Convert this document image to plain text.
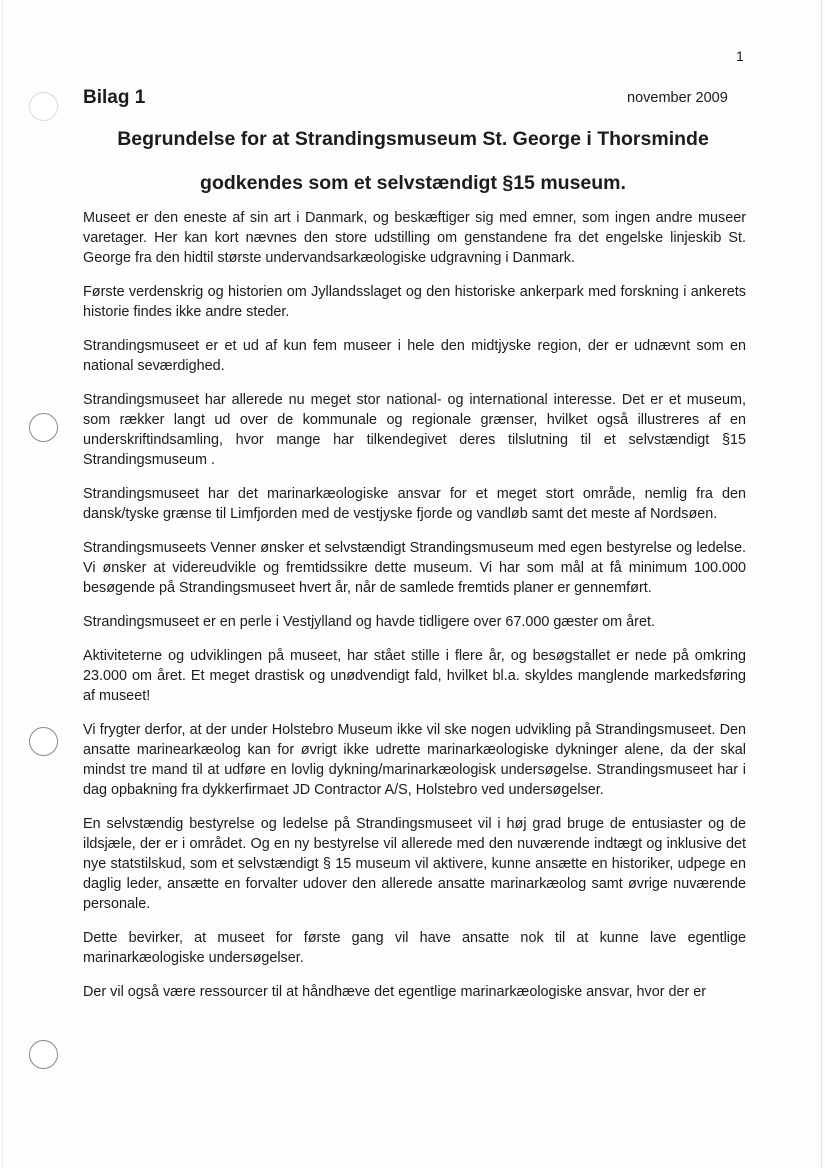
1
Bilag 1	november 2009
Begrundelse for at Strandingsmuseum St. George i Thorsminde
godkendes som et selvstændigt §15 museum.

Museet er den eneste af sin art i Danmark, og beskæftiger sig med emner, som ingen andre museer varetager. Her kan kort nævnes den store udstilling om genstandene fra det engelske linjeskib St. George fra den hidtil største undervandsarkæologiske udgravning i Danmark.

Første verdenskrig og historien om Jyllandsslaget og den historiske ankerpark med forskning i ankerets historie findes ikke andre steder.

Strandingsmuseet er et ud af kun fem museer i hele den midtjyske region, der er udnævnt som en national seværdighed.

Strandingsmuseet har allerede nu meget stor national- og international interesse. Det er et museum, som rækker langt ud over de kommunale og regionale grænser, hvilket også illustreres af en underskriftindsamling, hvor mange har tilkendegivet deres tilslutning til et selvstændigt §15 Strandingsmuseum .

Strandingsmuseet har det marinarkæologiske ansvar for et meget stort område, nemlig fra den dansk/tyske grænse til Limfjorden med de vestjyske fjorde og vandløb samt det meste af Nordsøen.

Strandingsmuseets Venner ønsker et selvstændigt Strandingsmuseum med egen bestyrelse og ledelse. Vi ønsker at videreudvikle og fremtidssikre dette museum. Vi har som mål at få minimum 100.000 besøgende på Strandingsmuseet hvert år, når de samlede fremtids planer er gennemført.

Strandingsmuseet er en perle i Vestjylland og havde tidligere over 67.000 gæster om året.

Aktiviteterne og udviklingen på museet, har stået stille i flere år, og besøgstallet er nede på omkring 23.000 om året. Et meget drastisk og unødvendigt fald, hvilket bl.a. skyldes manglende markedsføring af museet!

Vi frygter derfor, at der under Holstebro Museum ikke vil ske nogen udvikling på Strandingsmuseet. Den ansatte marinearkæolog kan for øvrigt ikke udrette marinarkæologiske dykninger alene, da der skal mindst tre mand til at udføre en lovlig dykning/marinarkæologisk undersøgelse. Strandingsmuseet har i dag opbakning fra dykkerfirmaet JD Contractor A/S, Holstebro ved undersøgelser.

En selvstændig bestyrelse og ledelse på Strandingsmuseet vil i høj grad bruge de entusiaster og de ildsjæle, der er i området. Og en ny bestyrelse vil allerede med den nuværende indtægt og inklusive det nye statstilskud, som et selvstændigt § 15 museum vil aktivere, kunne ansætte en historiker, udpege en daglig leder, ansætte en forvalter udover den allerede ansatte marinarkæolog samt øvrige nuværende personale.

Dette bevirker, at museet for første gang vil have ansatte nok til at kunne lave egentlige marinarkæologiske undersøgelser.

Der vil også være ressourcer til at håndhæve det egentlige marinarkæologiske ansvar, hvor der er
